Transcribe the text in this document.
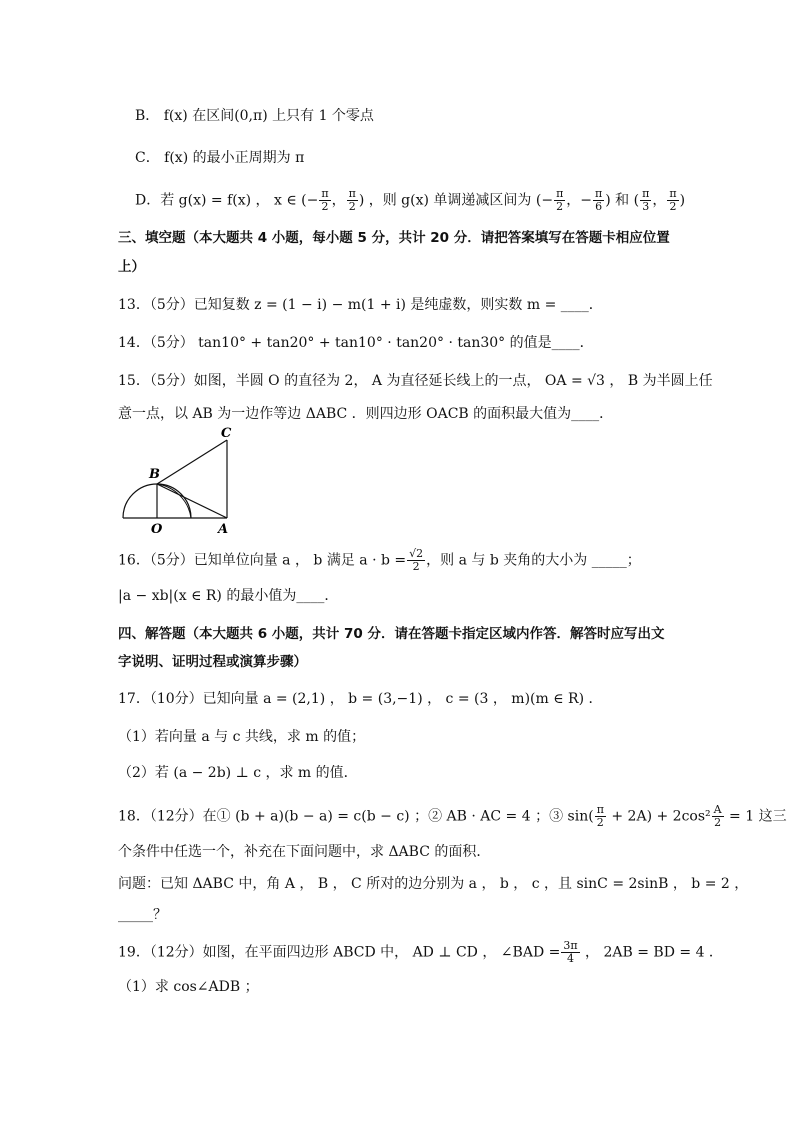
B． f(x) 在区间(0,π) 上只有 1 个零点
C． f(x) 的最小正周期为 π
D．若 g(x) = f(x) ， x ∈ (− $\frac{\pi}{2}$ ， $\frac{\pi}{2}$ ) ，则 g(x) 单调递减区间为 (− $\frac{\pi}{2}$ ，− $\frac{\pi}{6}$ ) 和 ( $\frac{\pi}{3}$ ， $\frac{\pi}{2}$ )
三、填空题（本大题共 4 小题，每小题 5 分，共计 20 分．请把答案填写在答题卡相应位置
上）
13．（5分）已知复数 z = (1 − i) − m(1 + i) 是纯虚数，则实数 m = ____．
14．（5分） tan10° + tan20° + tan10° · tan20° · tan30° 的值是____．
15．（5分）如图，半圆 O 的直径为 2， A 为直径延长线上的一点， OA = √3 ， B 为半圆上任
意一点，以 AB 为一边作等边 ΔABC ．则四边形 OACB 的面积最大值为____．
B
C
O	A
16．（5分）已知单位向量 a ， b 满足 $a \cdot b = \frac{√2}{2}$ ，则 a 与 b 夹角的大小为 _____；
|a − xb|(x ∈ R) 的最小值为____．
四、解答题（本大题共 6 小题，共计 70 分．请在答题卡指定区域内作答．解答时应写出文
字说明、证明过程或演算步骤）
17．（10分）已知向量 a = (2,1) ， b = (3,−1) ， c = (3 ， m)(m ∈ R) ．
（1）若向量 a 与 c 共线，求 m 的值；
（2）若 (a − 2b) ⊥ c ，求 m 的值．
18．（12分）在① (b + a)(b − a) = c(b − c) ；② AB · AC = 4 ；③ $\sin( \frac{\pi}{2} + 2A) + 2\cos^2 \frac{A}{2} = 1$ 这三
个条件中任选一个，补充在下面问题中，求 ΔABC 的面积．
问题：已知 ΔABC 中，角 A ， B ， C 所对的边分别为 a ， b ， c ，且 sinC = 2sinB ， b = 2 ，
_____？
19．（12分）如图，在平面四边形 ABCD 中， AD ⊥ CD ， ∠BAD = $\frac{3\pi}{4}$ ， 2AB = BD = 4 ．
（1）求 cos∠ADB ；
